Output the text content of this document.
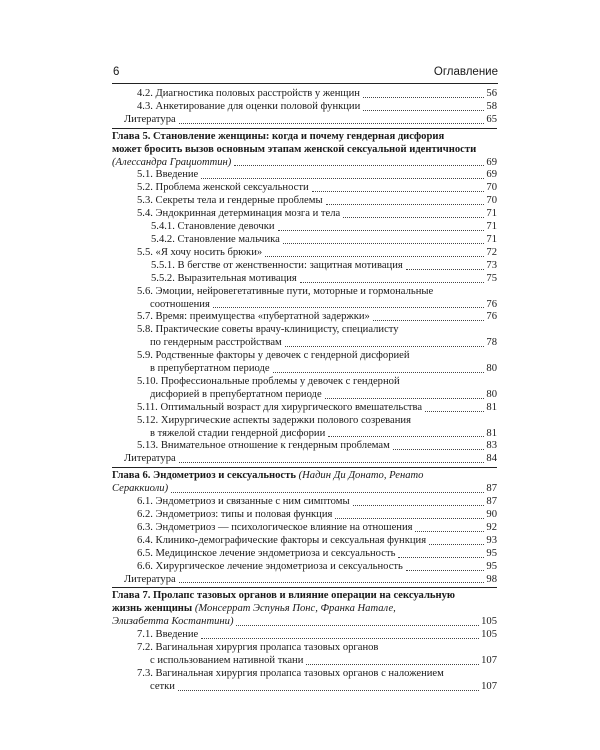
6	Оглавление
4.2. Диагностика половых расстройств у женщин	56
4.3. Анкетирование для оценки половой функции	58
Литература	65
Глава 5. Становление женщины: когда и почему гендерная дисфория
может бросить вызов основным этапам женской сексуальной идентичности
(Алессандра Грациоттин)	69
5.1. Введение	69
5.2. Проблема женской сексуальности	70
5.3. Секреты тела и гендерные проблемы	70
5.4. Эндокринная детерминация мозга и тела	71
5.4.1. Становление девочки	71
5.4.2. Становление мальчика	71
5.5. «Я хочу носить брюки»	72
5.5.1. В бегстве от женственности: защитная мотивация	73
5.5.2. Выразительная мотивация	75
5.6. Эмоции, нейровегетативные пути, моторные и гормональные
соотношения	76
5.7. Время: преимущества «пубертатной задержки»	76
5.8. Практические советы врачу-клиницисту, специалисту
по гендерным расстройствам	78
5.9. Родственные факторы у девочек с гендерной дисфорией
в препубертатном периоде	80
5.10. Профессиональные проблемы у девочек с гендерной
дисфорией в препубертатном периоде	80
5.11. Оптимальный возраст для хирургического вмешательства	81
5.12. Хирургические аспекты задержки полового созревания
в тяжелой стадии гендерной дисфории	81
5.13. Внимательное отношение к гендерным проблемам	83
Литература	84
Глава 6. Эндометриоз и сексуальность (Надин Ди Донато, Ренато
Сераккиоли)	87
6.1. Эндометриоз и связанные с ним симптомы	87
6.2. Эндометриоз: типы и половая функция	90
6.3. Эндометриоз — психологическое влияние на отношения	92
6.4. Клинико-демографические факторы и сексуальная функция	93
6.5. Медицинское лечение эндометриоза и сексуальность	95
6.6. Хирургическое лечение эндометриоза и сексуальность	95
Литература	98
Глава 7. Пролапс тазовых органов и влияние операции на сексуальную
жизнь женщины (Монсеррат Эспунья Понс, Франка Натале,
Элизабетта Костантини)	105
7.1. Введение	105
7.2. Вагинальная хирургия пролапса тазовых органов
с использованием нативной ткани	107
7.3. Вагинальная хирургия пролапса тазовых органов с наложением
сетки	107
